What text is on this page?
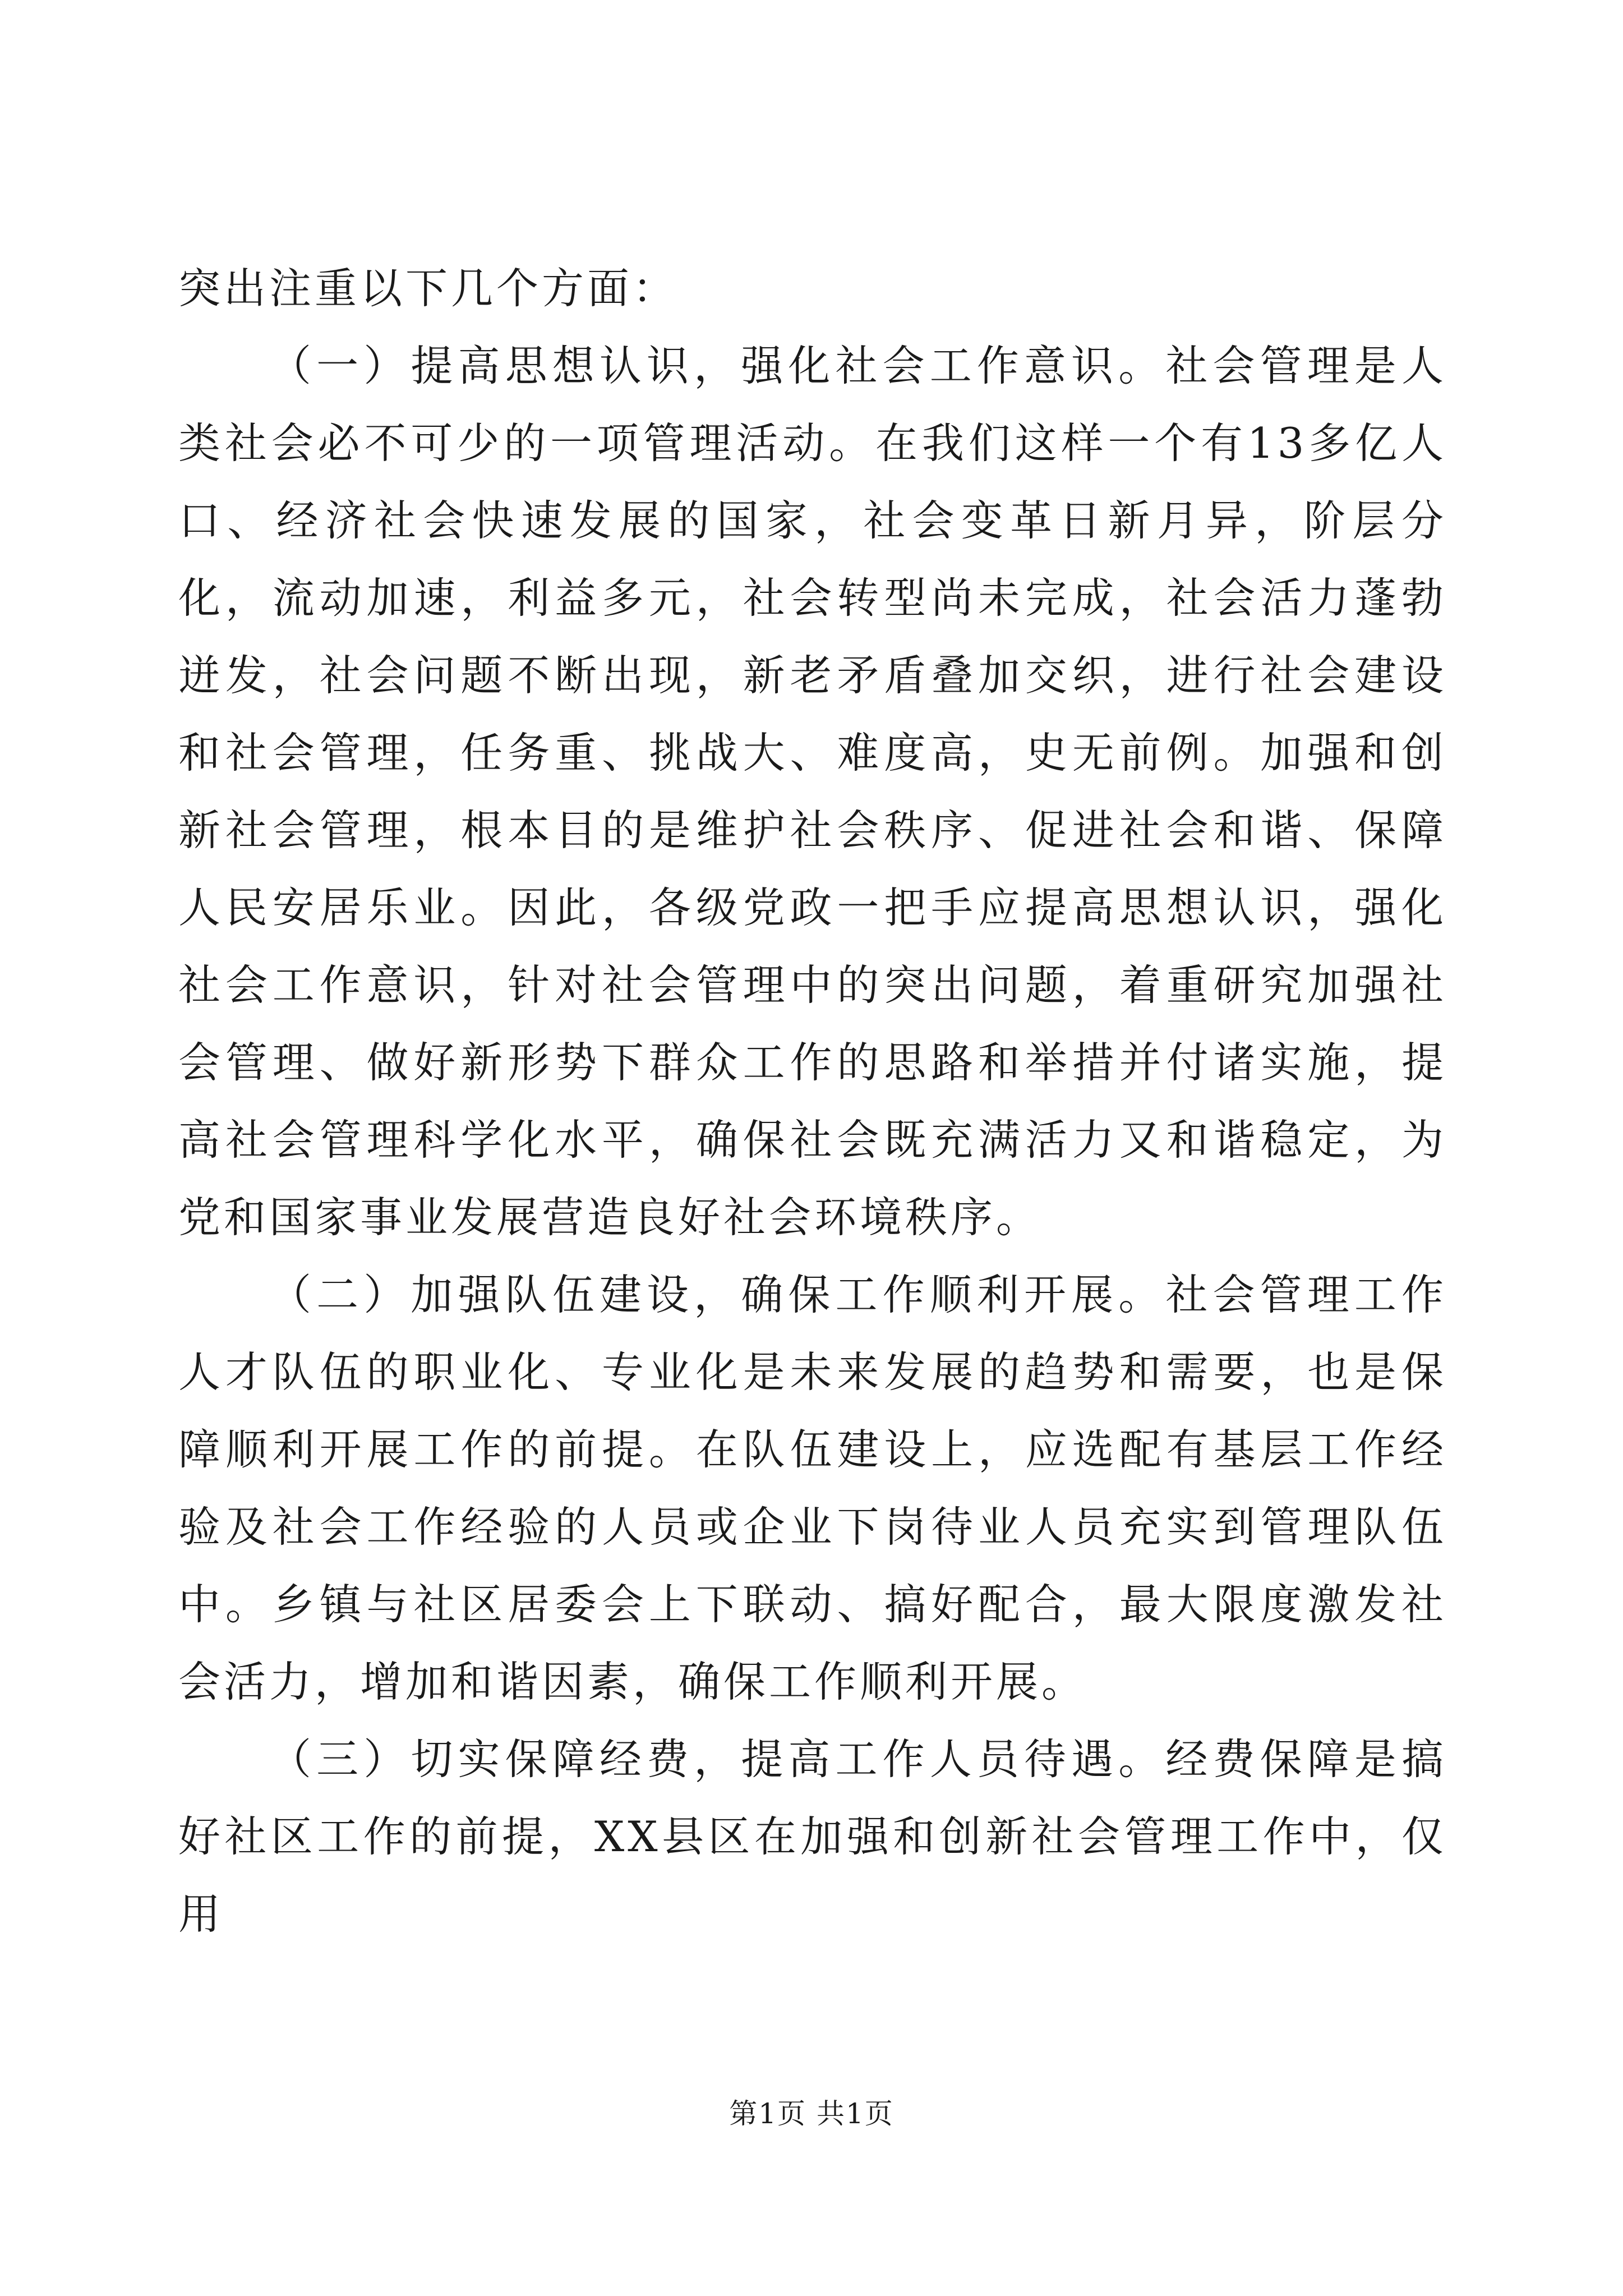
突出注重以下几个方面：

（一）提高思想认识，强化社会工作意识。社会管理是人类社会必不可少的一项管理活动。在我们这样一个有13多亿人口、经济社会快速发展的国家，社会变革日新月异，阶层分化，流动加速，利益多元，社会转型尚未完成，社会活力蓬勃迸发，社会问题不断出现，新老矛盾叠加交织，进行社会建设和社会管理，任务重、挑战大、难度高，史无前例。加强和创新社会管理，根本目的是维护社会秩序、促进社会和谐、保障人民安居乐业。因此，各级党政一把手应提高思想认识，强化社会工作意识，针对社会管理中的突出问题，着重研究加强社会管理、做好新形势下群众工作的思路和举措并付诸实施，提高社会管理科学化水平，确保社会既充满活力又和谐稳定，为党和国家事业发展营造良好社会环境秩序。

（二）加强队伍建设，确保工作顺利开展。社会管理工作人才队伍的职业化、专业化是未来发展的趋势和需要，也是保障顺利开展工作的前提。在队伍建设上，应选配有基层工作经验及社会工作经验的人员或企业下岗待业人员充实到管理队伍中。乡镇与社区居委会上下联动、搞好配合，最大限度激发社会活力，增加和谐因素，确保工作顺利开展。

（三）切实保障经费，提高工作人员待遇。经费保障是搞好社区工作的前提，XX县区在加强和创新社会管理工作中，仅用

第1页 共1页
